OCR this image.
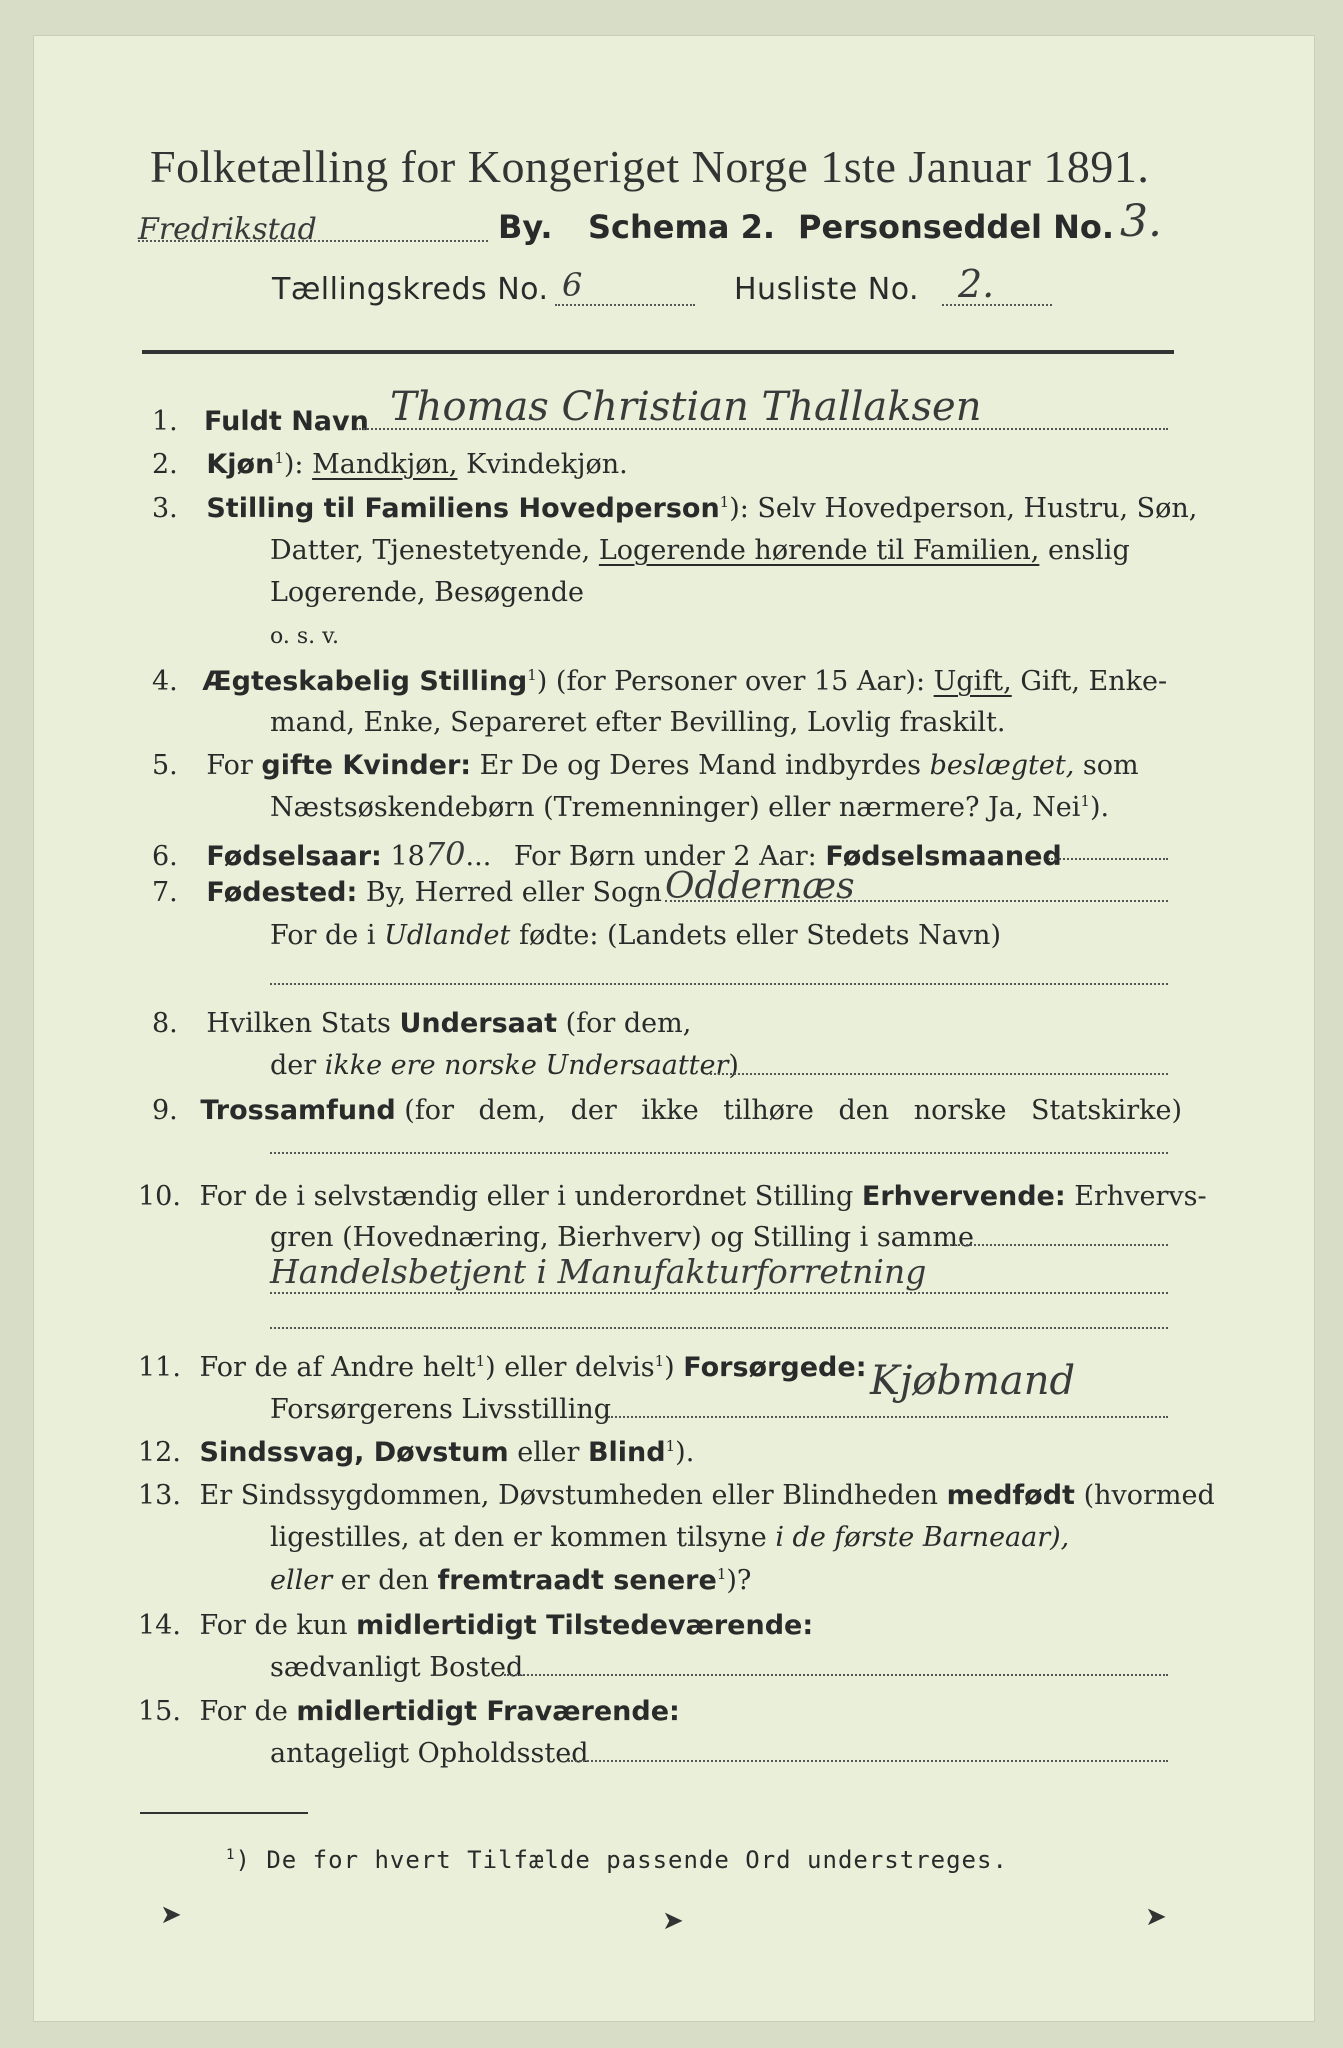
Folketælling for Kongeriget Norge 1ste Januar 1891.
Fredrikstad	By. Schema 2. Personseddel No. 3.
Tællingskreds No. 6	Husliste No. 2.
1. Fuldt Navn Thomas Christian Thallaksen
2. Kjøn$^1$): Mandkjøn, Kvindekjøn.
3. Stilling til Familiens Hovedperson$^1$): Selv Hovedperson, Hustru, Søn,
Datter, Tjenestetyende, Logerende hørende til Familien, enslig
Logerende, Besøgende
o. s. v.
4. Ægteskabelig Stilling$^1$) (for Personer over 15 Aar): Ugift, Gift, Enke-
mand, Enke, Separeret efter Bevilling, Lovlig fraskilt.
5. For gifte Kvinder: Er De og Deres Mand indbyrdes beslægtet, som
Næstsøskendebørn (Tremenninger) eller nærmere? Ja, Nei$^1$).
6. Fødselsaar: 1870... For Børn under 2 Aar: Fødselsmaaned
7. Fødested: By, Herred eller Sogn Oddernæs
For de i Udlandet fødte: (Landets eller Stedets Navn)
8. Hvilken Stats Undersaat (for dem,
der ikke ere norske Undersaatter)
9. Trossamfund (for dem, der ikke tilhøre den norske Statskirke)
10. For de i selvstændig eller i underordnet Stilling Erhvervende: Erhvervs-
gren (Hovednæring, Bierhverv) og Stilling i samme
Handelsbetjent i Manufakturforretning
11. For de af Andre helt$^1$) eller delvis$^1$) Forsørgede:
Forsørgerens Livsstilling
Kjøbmand
12. Sindssvag, Døvstum eller Blind$^1$).
13. Er Sindssygdommen, Døvstumheden eller Blindheden medfødt (hvormed
ligestilles, at den er kommen tilsyne i de første Barneaar),
eller er den fremtraadt senere$^1$)?
14. For de kun midlertidigt Tilstedeværende:
sædvanligt Bosted
15. For de midlertidigt Fraværende:
antageligt Opholdssted
$^1$) De for hvert Tilfælde passende Ord understreges.
➤	➤	➤
